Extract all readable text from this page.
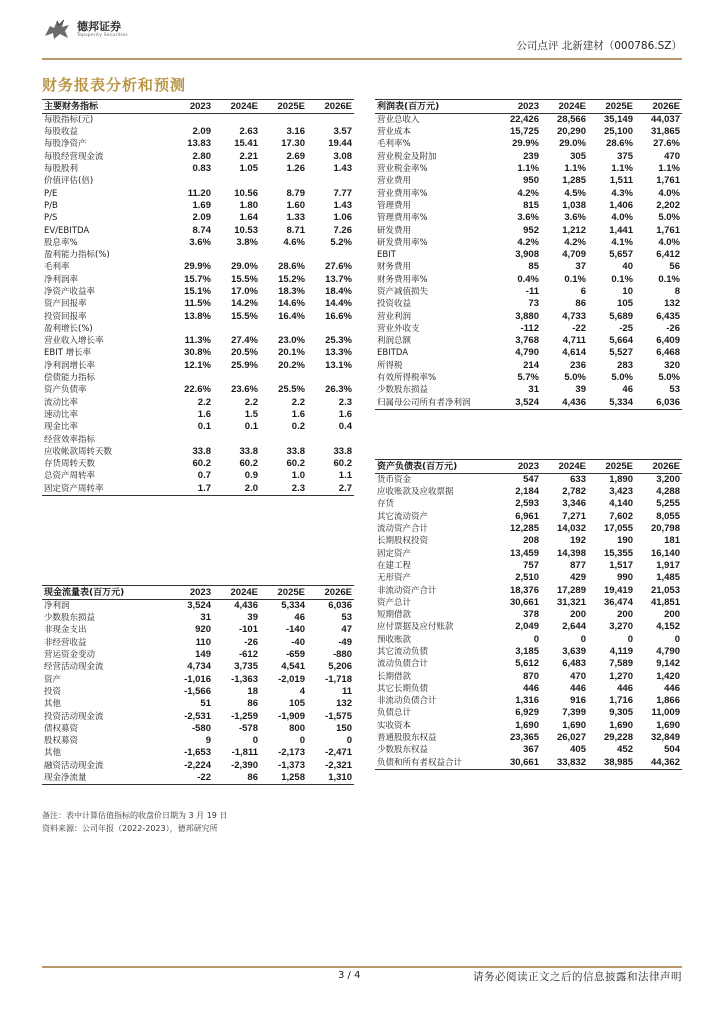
德邦证券
Topsperity Securities
公司点评 北新建材（000786.SZ）
财务报表分析和预测
主要财务指标	2023	2024E	2025E	2026E
每股指标(元)				
每股收益	2.09	2.63	3.16	3.57
每股净资产	13.83	15.41	17.30	19.44
每股经营现金流	2.80	2.21	2.69	3.08
每股股利	0.83	1.05	1.26	1.43
价值评估(倍)				
P/E	11.20	10.56	8.79	7.77
P/B	1.69	1.80	1.60	1.43
P/S	2.09	1.64	1.33	1.06
EV/EBITDA	8.74	10.53	8.71	7.26
股息率%	3.6%	3.8%	4.6%	5.2%
盈利能力指标(%)				
毛利率	29.9%	29.0%	28.6%	27.6%
净利润率	15.7%	15.5%	15.2%	13.7%
净资产收益率	15.1%	17.0%	18.3%	18.4%
资产回报率	11.5%	14.2%	14.6%	14.4%
投资回报率	13.8%	15.5%	16.4%	16.6%
盈利增长(%)				
营业收入增长率	11.3%	27.4%	23.0%	25.3%
EBIT 增长率	30.8%	20.5%	20.1%	13.3%
净利润增长率	12.1%	25.9%	20.2%	13.1%
偿债能力指标				
资产负债率	22.6%	23.6%	25.5%	26.3%
流动比率	2.2	2.2	2.2	2.3
速动比率	1.6	1.5	1.6	1.6
现金比率	0.1	0.1	0.2	0.4
经营效率指标				
应收帐款周转天数	33.8	33.8	33.8	33.8
存货周转天数	60.2	60.2	60.2	60.2
总资产周转率	0.7	0.9	1.0	1.1
固定资产周转率	1.7	2.0	2.3	2.7
利润表(百万元)	2023	2024E	2025E	2026E
营业总收入	22,426	28,566	35,149	44,037
营业成本	15,725	20,290	25,100	31,865
毛利率%	29.9%	29.0%	28.6%	27.6%
营业税金及附加	239	305	375	470
营业税金率%	1.1%	1.1%	1.1%	1.1%
营业费用	950	1,285	1,511	1,761
营业费用率%	4.2%	4.5%	4.3%	4.0%
管理费用	815	1,038	1,406	2,202
管理费用率%	3.6%	3.6%	4.0%	5.0%
研发费用	952	1,212	1,441	1,761
研发费用率%	4.2%	4.2%	4.1%	4.0%
EBIT	3,908	4,709	5,657	6,412
财务费用	85	37	40	56
财务费用率%	0.4%	0.1%	0.1%	0.1%
资产减值损失	-11	6	10	8
投资收益	73	86	105	132
营业利润	3,880	4,733	5,689	6,435
营业外收支	-112	-22	-25	-26
利润总额	3,768	4,711	5,664	6,409
EBITDA	4,790	4,614	5,527	6,468
所得税	214	236	283	320
有效所得税率%	5.7%	5.0%	5.0%	5.0%
少数股东损益	31	39	46	53
归属母公司所有者净利润	3,524	4,436	5,334	6,036
资产负债表(百万元)	2023	2024E	2025E	2026E
货币资金	547	633	1,890	3,200
应收账款及应收票据	2,184	2,782	3,423	4,288
存货	2,593	3,346	4,140	5,255
其它流动资产	6,961	7,271	7,602	8,055
流动资产合计	12,285	14,032	17,055	20,798
长期股权投资	208	192	190	181
固定资产	13,459	14,398	15,355	16,140
在建工程	757	877	1,517	1,917
无形资产	2,510	429	990	1,485
非流动资产合计	18,376	17,289	19,419	21,053
资产总计	30,661	31,321	36,474	41,851
短期借款	378	200	200	200
应付票据及应付账款	2,049	2,644	3,270	4,152
预收账款	0	0	0	0
其它流动负债	3,185	3,639	4,119	4,790
流动负债合计	5,612	6,483	7,589	9,142
长期借款	870	470	1,270	1,420
其它长期负债	446	446	446	446
非流动负债合计	1,316	916	1,716	1,866
负债总计	6,929	7,399	9,305	11,009
实收资本	1,690	1,690	1,690	1,690
普通股股东权益	23,365	26,027	29,228	32,849
少数股东权益	367	405	452	504
负债和所有者权益合计	30,661	33,832	38,985	44,362
现金流量表(百万元)	2023	2024E	2025E	2026E
净利润	3,524	4,436	5,334	6,036
少数股东损益	31	39	46	53
非现金支出	920	-101	-140	47
非经营收益	110	-26	-40	-49
营运资金变动	149	-612	-659	-880
经营活动现金流	4,734	3,735	4,541	5,206
资产	-1,016	-1,363	-2,019	-1,718
投资	-1,566	18	4	11
其他	51	86	105	132
投资活动现金流	-2,531	-1,259	-1,909	-1,575
债权募资	-580	-578	800	150
股权募资	9	0	0	0
其他	-1,653	-1,811	-2,173	-2,471
融资活动现金流	-2,224	-2,390	-1,373	-2,321
现金净流量	-22	86	1,258	1,310
备注：表中计算估值指标的收盘价日期为 3 月 19 日
资料来源：公司年报（2022-2023），德邦研究所
3 / 4	请务必阅读正文之后的信息披露和法律声明
